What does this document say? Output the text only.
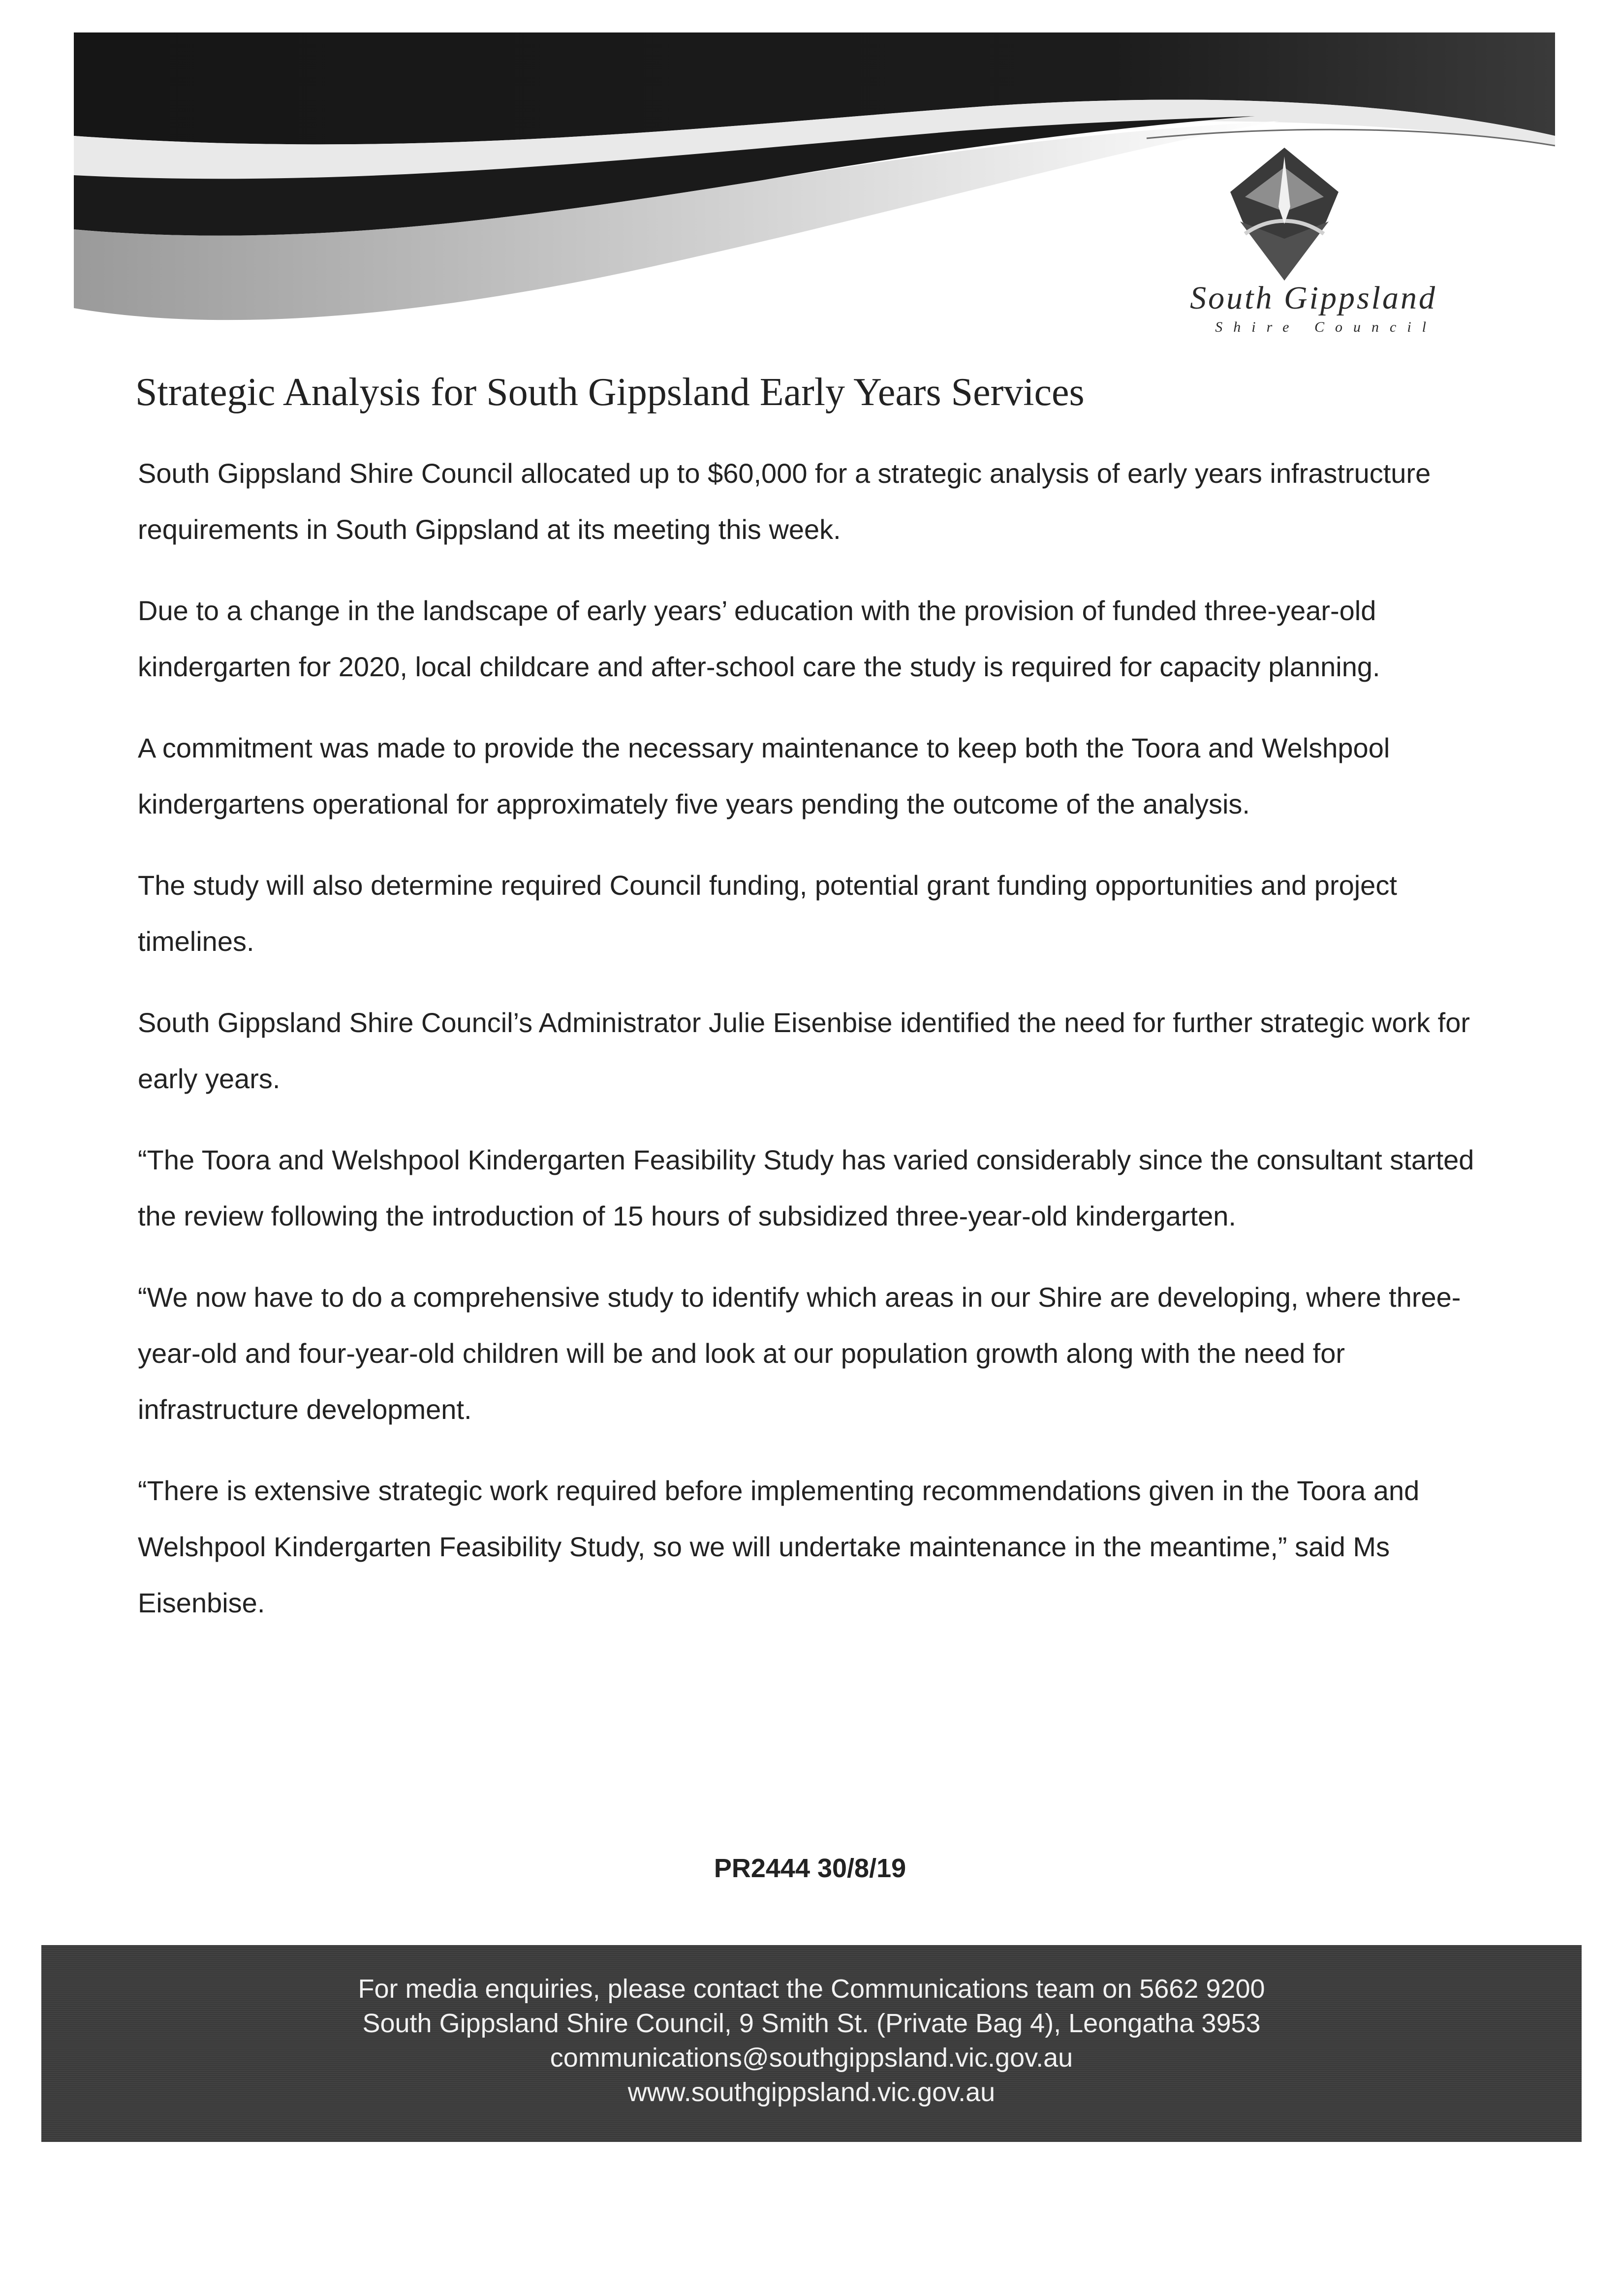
South Gippsland
Shire Council
Strategic Analysis for South Gippsland Early Years Services

South Gippsland Shire Council allocated up to $60,000 for a strategic analysis of early years infrastructure requirements in South Gippsland at its meeting this week.

Due to a change in the landscape of early years’ education with the provision of funded three-year-old kindergarten for 2020, local childcare and after-school care the study is required for capacity planning.

A commitment was made to provide the necessary maintenance to keep both the Toora and Welshpool kindergartens operational for approximately five years pending the outcome of the analysis.

The study will also determine required Council funding, potential grant funding opportunities and project timelines.

South Gippsland Shire Council’s Administrator Julie Eisenbise identified the need for further strategic work for early years.

“The Toora and Welshpool Kindergarten Feasibility Study has varied considerably since the consultant started the review following the introduction of 15 hours of subsidized three-year-old kindergarten.

“We now have to do a comprehensive study to identify which areas in our Shire are developing, where three-year-old and four-year-old children will be and look at our population growth along with the need for infrastructure development.

“There is extensive strategic work required before implementing recommendations given in the Toora and Welshpool Kindergarten Feasibility Study, so we will undertake maintenance in the meantime,” said Ms Eisenbise.

PR2444 30/8/19
For media enquiries, please contact the Communications team on 5662 9200
South Gippsland Shire Council, 9 Smith St. (Private Bag 4), Leongatha 3953
communications@southgippsland.vic.gov.au
www.southgippsland.vic.gov.au
